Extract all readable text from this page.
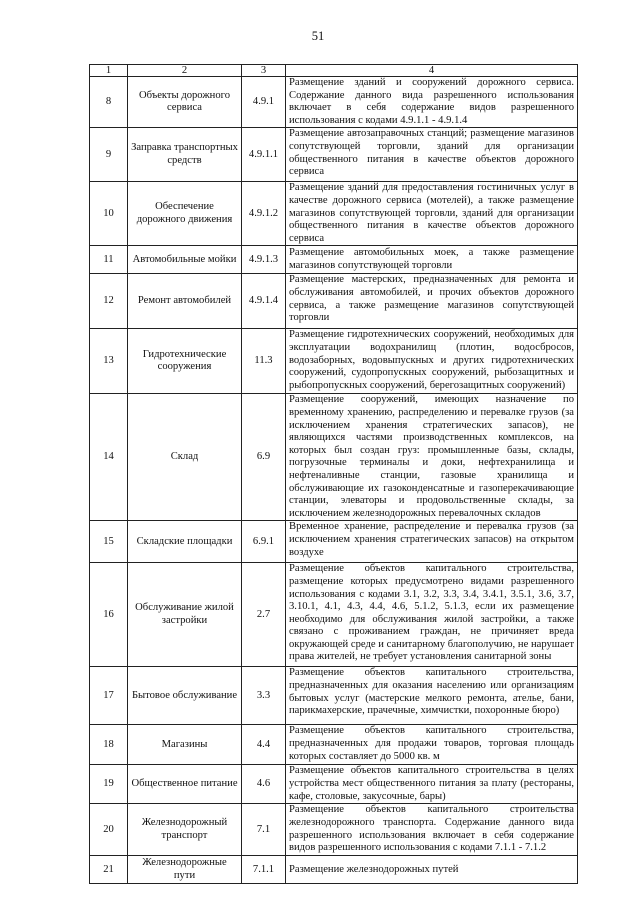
51
1	2	3	4
8	Объекты дорожного сервиса	4.9.1	Размещение зданий и сооружений дорожного сервиса. Содержание данного вида разрешенного использования включает в себя содержание видов разрешенного использования с кодами 4.9.1.1 - 4.9.1.4
9	Заправка транспортных средств	4.9.1.1	Размещение автозаправочных станций; размещение магазинов сопутствующей торговли, зданий для организации общественного питания в качестве объектов дорожного сервиса
10	Обеспечение дорожного движения	4.9.1.2	Размещение зданий для предоставления гостиничных услуг в качестве дорожного сервиса (мотелей), а также размещение магазинов сопутствующей торговли, зданий для организации общественного питания в качестве объектов дорожного сервиса
11	Автомобильные мойки	4.9.1.3	Размещение автомобильных моек, а также размещение магазинов сопутствующей торговли
12	Ремонт автомобилей	4.9.1.4	Размещение мастерских, предназначенных для ремонта и обслуживания автомобилей, и прочих объектов дорожного сервиса, а также размещение магазинов сопутствующей торговли
13	Гидротехнические сооружения	11.3	Размещение гидротехнических сооружений, необходимых для эксплуатации водохранилищ (плотин, водосбросов, водозаборных, водовыпускных и других гидротехнических сооружений, судопропускных сооружений, рыбозащитных и рыбопропускных сооружений, берегозащитных сооружений)
14	Склад	6.9	Размещение сооружений, имеющих назначение по временному хранению, распределению и перевалке грузов (за исключением хранения стратегических запасов), не являющихся частями производственных комплексов, на которых был создан груз: промышленные базы, склады, погрузочные терминалы и доки, нефтехранилища и нефтеналивные станции, газовые хранилища и обслуживающие их газоконденсатные и газоперекачивающие станции, элеваторы и продовольственные склады, за исключением железнодорожных перевалочных складов
15	Складские площадки	6.9.1	Временное хранение, распределение и перевалка грузов (за исключением хранения стратегических запасов) на открытом воздухе
16	Обслуживание жилой застройки	2.7	Размещение объектов капитального строительства, размещение которых предусмотрено видами разрешенного использования с кодами 3.1, 3.2, 3.3, 3.4, 3.4.1, 3.5.1, 3.6, 3.7, 3.10.1, 4.1, 4.3, 4.4, 4.6, 5.1.2, 5.1.3, если их размещение необходимо для обслуживания жилой застройки, а также связано с проживанием граждан, не причиняет вреда окружающей среде и санитарному благополучию, не нарушает права жителей, не требует установления санитарной зоны
17	Бытовое обслуживание	3.3	Размещение объектов капитального строительства, предназначенных для оказания населению или организациям бытовых услуг (мастерские мелкого ремонта, ателье, бани, парикмахерские, прачечные, химчистки, похоронные бюро)
18	Магазины	4.4	Размещение объектов капитального строительства, предназначенных для продажи товаров, торговая площадь которых составляет до 5000 кв. м
19	Общественное питание	4.6	Размещение объектов капитального строительства в целях устройства мест общественного питания за плату (рестораны, кафе, столовые, закусочные, бары)
20	Железнодорожный транспорт	7.1	Размещение объектов капитального строительства железнодорожного транспорта. Содержание данного вида разрешенного использования включает в себя содержание видов разрешенного использования с кодами 7.1.1 - 7.1.2
21	Железнодорожные пути	7.1.1	Размещение железнодорожных путей
